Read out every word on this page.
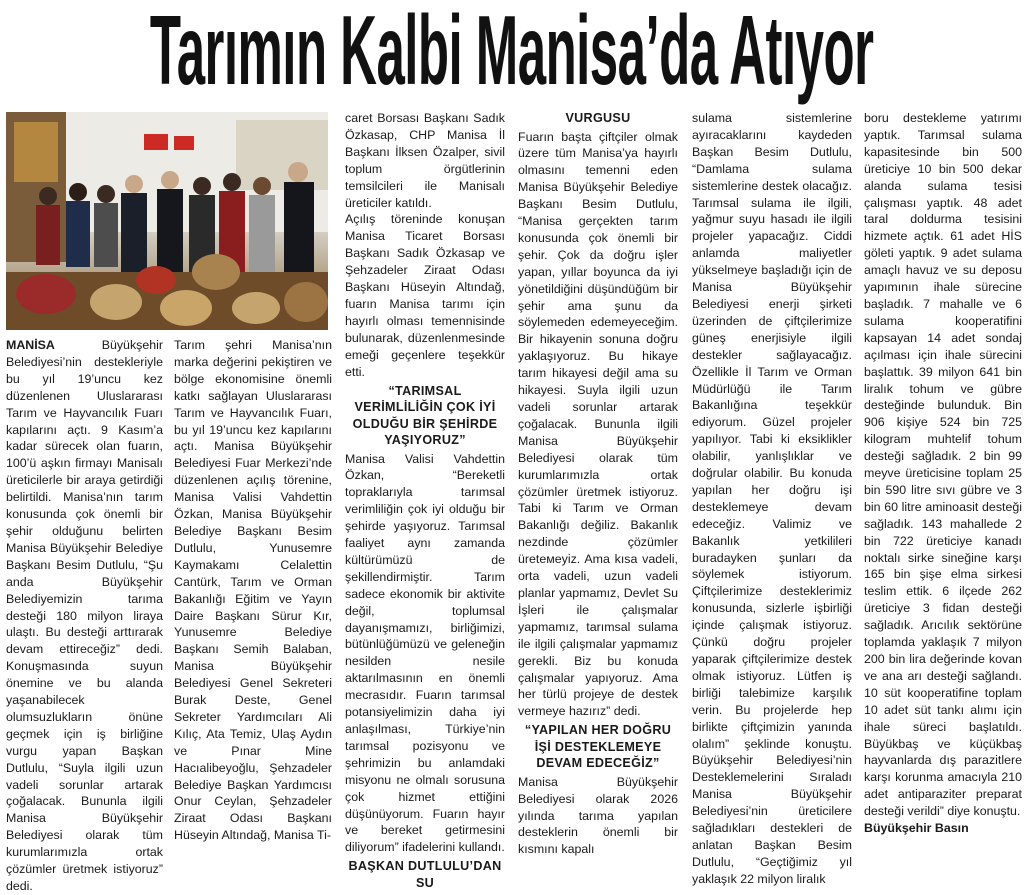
Tarımın Kalbi Manisa’da Atıyor

MANİSA	Büyükşehir Belediyesi’nin destekleriyle bu yıl 19’uncu kez düzenlenen Uluslararası Tarım ve Hayvancılık Fuarı kapılarını açtı. 9 Kasım’a kadar sürecek olan fuarın, 100’ü aşkın firmayı Manisalı üreticilerle bir araya getirdiği belirtildi. Manisa’nın tarım konusunda çok önemli bir şehir olduğunu belirten Manisa Büyükşehir Belediye Başkanı Besim Dutlulu, “Şu anda Büyükşehir Belediyemizin tarıma desteği 180 milyon liraya ulaştı. Bu desteği arttırarak devam ettireceğiz” dedi. Konuşmasında suyun önemine ve bu alanda yaşanabilecek olumsuzlukların önüne geçmek için iş birliğine vurgu yapan Başkan Dutlulu, “Suyla ilgili uzun vadeli sorunlar artarak çoğalacak. Bununla ilgili Manisa Büyükşehir Belediyesi olarak tüm kurumlarımızla ortak çözümler üretmek istiyoruz” dedi.

Tarım şehri Manisa’nın marka değerini pekiştiren ve bölge ekonomisine önemli katkı sağlayan Uluslararası Tarım ve Hayvancılık Fuarı, bu yıl 19’uncu kez kapılarını açtı. Manisa Büyükşehir Belediyesi Fuar Merkezi’nde düzenlenen açılış törenine, Manisa Valisi Vahdettin Özkan, Manisa Büyükşehir Belediye Başkanı Besim Dutlulu, Yunusemre Kaymakamı Celalettin Cantürk, Tarım ve Orman Bakanlığı Eğitim ve Yayın Daire Başkanı Sürur Kır, Yunusemre Belediye Başkanı Semih Balaban, Manisa Büyükşehir Belediyesi Genel Sekreteri Burak Deste, Genel Sekreter Yardımcıları Ali Kılıç, Ata Temiz, Ulaş Aydın ve Pınar Mine Hacıalibeyoğlu, Şehzadeler Belediye Başkan Yardımcısı Onur Ceylan, Şehzadeler Ziraat Odası Başkanı Hüseyin Altındağ, Manisa Ti-

caret Borsası Başkanı Sadık Özkasap, CHP Manisa İl Başkanı İlksen Özalper, sivil toplum örgütlerinin temsilcileri ile Manisalı üreticiler katıldı.

Açılış töreninde konuşan Manisa Ticaret Borsası Başkanı Sadık Özkasap ve Şehzadeler Ziraat Odası Başkanı Hüseyin Altındağ, fuarın Manisa tarımı için hayırlı olması temennisinde bulunarak, düzenlenmesinde emeği geçenlere teşekkür etti.

“TARIMSAL VERİMLİLİĞİN ÇOK İYİ OLDUĞU BİR ŞEHİRDE YAŞIYORUZ”

Manisa Valisi Vahdettin Özkan, “Bereketli topraklarıyla tarımsal verimliliğin çok iyi olduğu bir şehirde yaşıyoruz. Tarımsal faaliyet aynı zamanda kültürümüzü de şekillendirmiştir. Tarım sadece ekonomik bir aktivite değil, toplumsal dayanışmamızı, birliğimizi, bütünlüğümüzü ve geleneğin nesilden nesile aktarılmasının en önemli mecrasıdır. Fuarın tarımsal potansiyelimizin daha iyi anlaşılması, Türkiye’nin tarımsal pozisyonu ve şehrimizin bu anlamdaki misyonu ne olmalı sorusuna çok hizmet ettiğini düşünüyorum. Fuarın hayır ve bereket getirmesini diliyorum” ifadelerini kullandı.

BAŞKAN DUTLULU’DAN SU

VURGUSU

Fuarın başta çiftçiler olmak üzere tüm Manisa’ya hayırlı olmasını temenni eden Manisa Büyükşehir Belediye Başkanı Besim Dutlulu, “Manisa gerçekten tarım konusunda çok önemli bir şehir. Çok da doğru işler yapan, yıllar boyunca da iyi yönetildiğini düşündüğüm bir şehir ama şunu da söylemeden edemeyeceğim. Bir hikayenin sonuna doğru yaklaşıyoruz. Bu hikaye tarım hikayesi değil ama su hikayesi. Suyla ilgili uzun vadeli sorunlar artarak çoğalacak. Bununla ilgili Manisa Büyükşehir Belediyesi olarak tüm kurumlarımızla ortak çözümler üretmek istiyoruz. Tabi ki Tarım ve Orman Bakanlığı değiliz. Bakanlık nezdinde çözümler üreteмeyiz. Ama kısa vadeli, orta vadeli, uzun vadeli planlar yapmamız, Devlet Su İşleri ile çalışmalar yapmamız, tarımsal sulama ile ilgili çalışmalar yapmamız gerekli. Biz bu konuda çalışmalar yapıyoruz. Ama her türlü projeye de destek vermeye hazırız” dedi.

“YAPILAN HER DOĞRU İŞİ DESTEKLEMEYE DEVAM EDECEĞİZ”

Manisa Büyükşehir Belediyesi olarak 2026 yılında tarıma yapılan desteklerin önemli bir kısmını kapalı

sulama sistemlerine ayıracaklarını kaydeden Başkan Besim Dutlulu, “Damlama sulama sistemlerine destek olacağız. Tarımsal sulama ile ilgili, yağmur suyu hasadı ile ilgili projeler yapacağız. Ciddi anlamda maliyetler yükselmeye başladığı için de Manisa Büyükşehir Belediyesi enerji şirketi üzerinden de çiftçilerimize güneş enerjisiyle ilgili destekler sağlayacağız. Özellikle İl Tarım ve Orman Müdürlüğü ile Tarım Bakanlığına teşekkür ediyorum. Güzel projeler yapılıyor. Tabi ki eksiklikler olabilir, yanlışlıklar ve doğrular olabilir. Bu konuda yapılan her doğru işi desteklemeye devam edeceğiz. Valimiz ve Bakanlık yetkilileri buradayken şunları da söylemek istiyorum. Çiftçilerimize desteklerimiz konusunda, sizlerle işbirliği içinde çalışmak istiyoruz. Çünkü doğru projeler yaparak çiftçilerimize destek olmak istiyoruz. Lütfen iş birliği talebimize karşılık verin. Bu projelerde hep birlikte çiftçimizin yanında olalım” şeklinde konuştu. Büyükşehir Belediyesi’nin Desteklemelerini Sıraladı Manisa Büyükşehir Belediyesi’nin üreticilere sağladıkları destekleri de anlatan Başkan Besim Dutlulu, “Geçtiğimiz yıl yaklaşık 22 milyon liralık

boru destekleme yatırımı yaptık. Tarımsal sulama kapasitesinde bin 500 üreticiye 10 bin 500 dekar alanda sulama tesisi çalışması yaptık. 48 adet taral doldurma tesisini hizmete açtık. 61 adet HİS göleti yaptık. 9 adet sulama amaçlı havuz ve su deposu yapımının ihale sürecine başladık. 7 mahalle ve 6 sulama kooperatifini kapsayan 14 adet sondaj açılması için ihale sürecini başlattık. 39 milyon 641 bin liralık tohum ve gübre desteğinde bulunduk. Bin 906 kişiye 524 bin 725 kilogram muhtelif tohum desteği sağladık. 2 bin 99 meyve üreticisine toplam 25 bin 590 litre sıvı gübre ve 3 bin 60 litre aminoasit desteği sağladık. 143 mahallede 2 bin 722 üreticiye kanadı noktalı sirke sineğine karşı 165 bin şişe elma sirkesi teslim ettik. 6 ilçede 262 üreticiye 3 fidan desteği sağladık. Arıcılık sektörüne toplamda yaklaşık 7 milyon 200 bin lira değerinde kovan ve ana arı desteği sağlandı. 10 süt kooperatifine toplam 10 adet süt tankı alımı için ihale süreci başlatıldı. Büyükbaş ve küçükbaş hayvanlarda dış parazitlere karşı korunma amacıyla 210 adet antiparaziter preparat desteği verildi” diye konuştu.

Büyükşehir Basın
